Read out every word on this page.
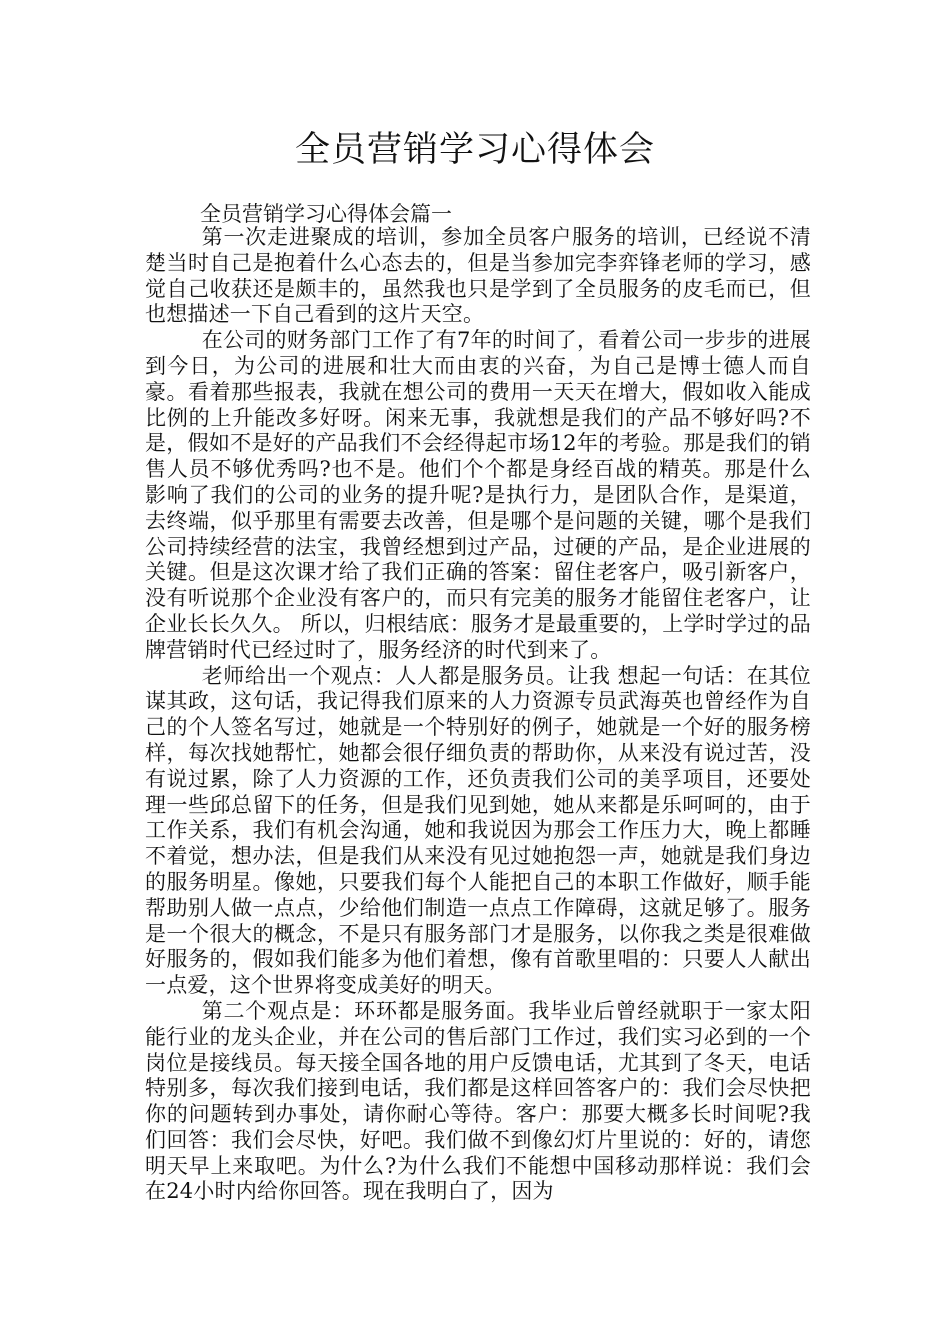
全员营销学习心得体会
全员营销学习心得体会篇一

第一次走进聚成的培训，参加全员客户服务的培训，已经说不清楚当时自己是抱着什么心态去的，但是当参加完李弈锋老师的学习，感觉自己收获还是颇丰的，虽然我也只是学到了全员服务的皮毛而已，但也想描述一下自己看到的这片天空。

在公司的财务部门工作了有7年的时间了，看着公司一步步的进展到今日，为公司的进展和壮大而由衷的兴奋，为自己是博士德人而自豪。看着那些报表，我就在想公司的费用一天天在增大，假如收入能成比例的上升能改多好呀。闲来无事，我就想是我们的产品不够好吗?不是，假如不是好的产品我们不会经得起市场12年的考验。那是我们的销售人员不够优秀吗?也不是。他们个个都是身经百战的精英。那是什么影响了我们的公司的业务的提升呢?是执行力，是团队合作，是渠道，去终端，似乎那里有需要去改善，但是哪个是问题的关键，哪个是我们公司持续经营的法宝，我曾经想到过产品，过硬的产品，是企业进展的关键。但是这次课才给了我们正确的答案：留住老客户，吸引新客户，没有听说那个企业没有客户的，而只有完美的服务才能留住老客户，让企业长长久久。 所以，归根结底：服务才是最重要的，上学时学过的品牌营销时代已经过时了，服务经济的时代到来了。

老师给出一个观点：人人都是服务员。让我 想起一句话：在其位谋其政，这句话，我记得我们原来的人力资源专员武海英也曾经作为自己的个人签名写过，她就是一个特别好的例子，她就是一个好的服务榜样，每次找她帮忙，她都会很仔细负责的帮助你，从来没有说过苦，没有说过累，除了人力资源的工作，还负责我们公司的美孚项目，还要处理一些邱总留下的任务，但是我们见到她，她从来都是乐呵呵的，由于工作关系，我们有机会沟通，她和我说因为那会工作压力大，晚上都睡不着觉，想办法，但是我们从来没有见过她抱怨一声，她就是我们身边的服务明星。像她，只要我们每个人能把自己的本职工作做好，顺手能帮助别人做一点点，少给他们制造一点点工作障碍，这就足够了。服务是一个很大的概念，不是只有服务部门才是服务，以你我之类是很难做好服务的，假如我们能多为他们着想，像有首歌里唱的：只要人人献出一点爱，这个世界将变成美好的明天。

第二个观点是：环环都是服务面。我毕业后曾经就职于一家太阳能行业的龙头企业，并在公司的售后部门工作过，我们实习必到的一个岗位是接线员。每天接全国各地的用户反馈电话，尤其到了冬天，电话特别多，每次我们接到电话，我们都是这样回答客户的：我们会尽快把你的问题转到办事处，请你耐心等待。客户：那要大概多长时间呢?我们回答：我们会尽快，好吧。我们做不到像幻灯片里说的：好的，请您明天早上来取吧。为什么?为什么我们不能想中国移动那样说：我们会在24小时内给你回答。现在我明白了，因为
